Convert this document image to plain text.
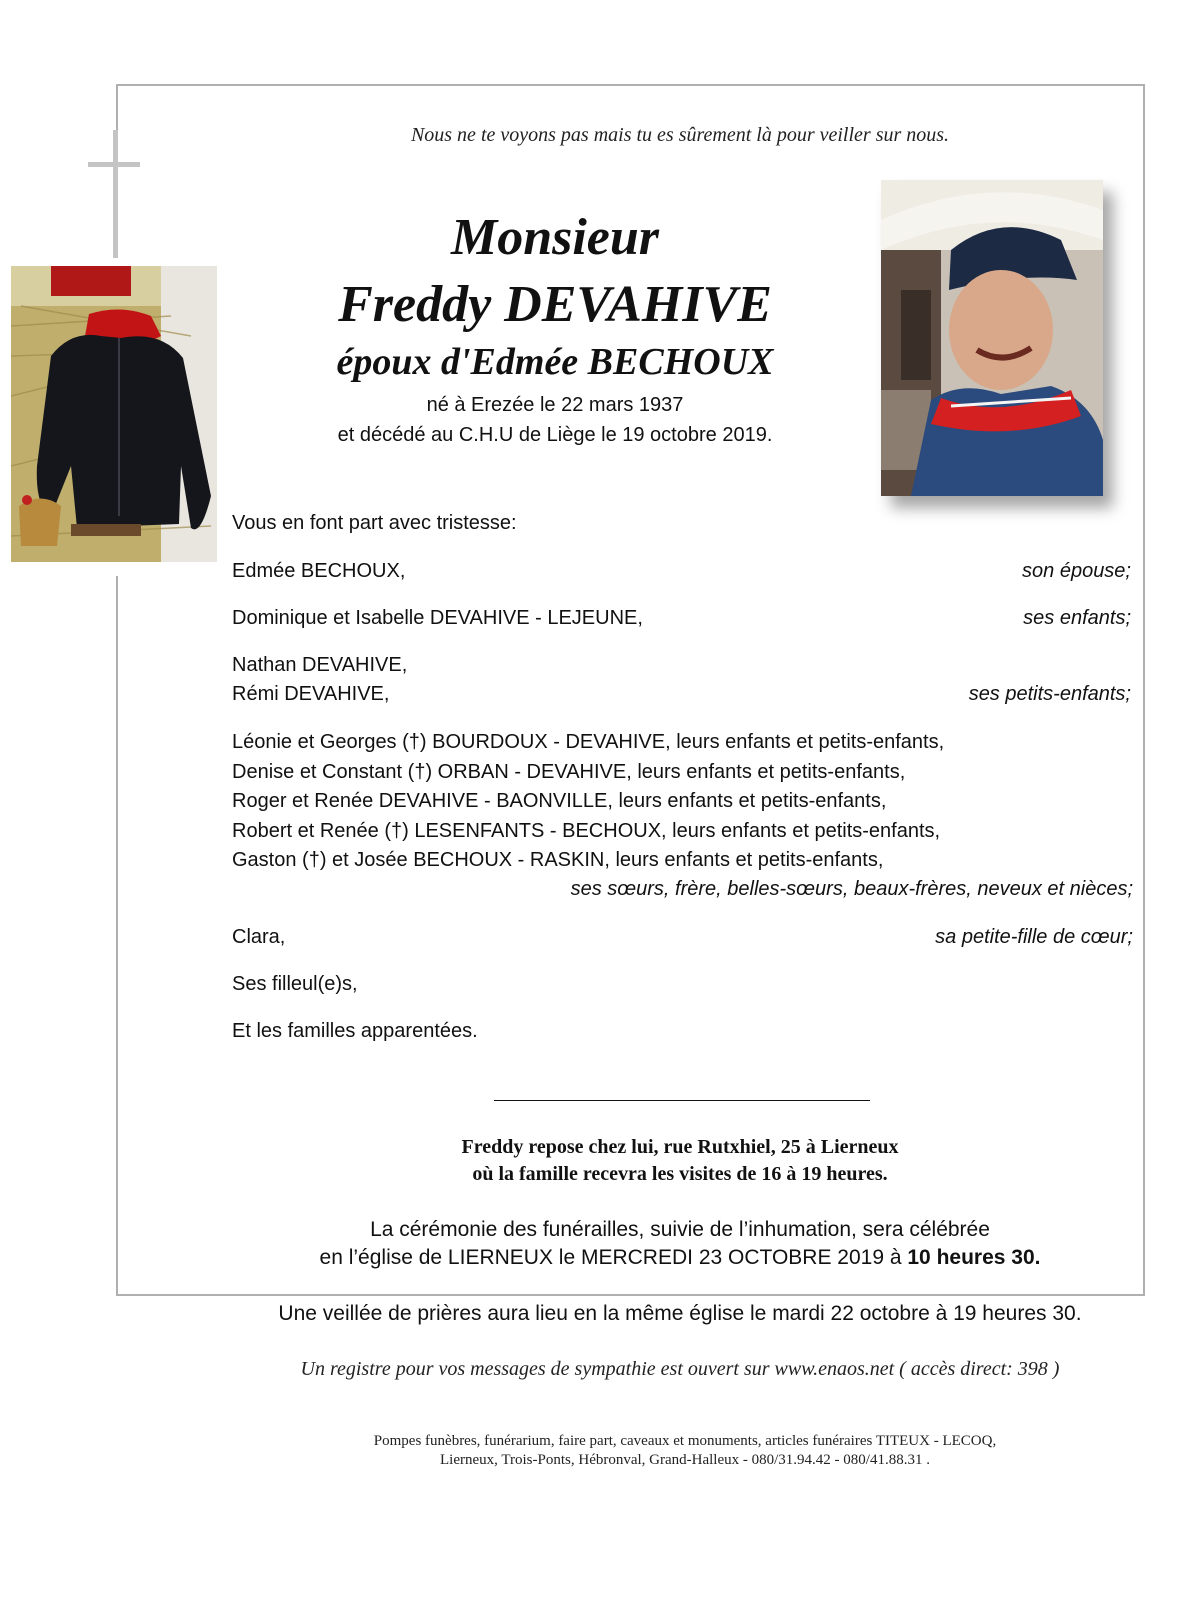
Nous ne te voyons pas mais tu es sûrement là pour veiller sur nous.
Monsieur
Freddy DEVAHIVE
époux d'Edmée BECHOUX
né à Erezée le 22 mars 1937
et décédé au C.H.U de Liège le 19 octobre 2019.
Vous en font part avec tristesse:
Edmée BECHOUX,	son épouse;
Dominique et Isabelle DEVAHIVE - LEJEUNE,	ses enfants;
Nathan DEVAHIVE,
Rémi DEVAHIVE,	ses petits-enfants;
Léonie et Georges (†) BOURDOUX - DEVAHIVE, leurs enfants et petits-enfants,
Denise et Constant (†) ORBAN - DEVAHIVE, leurs enfants et petits-enfants,
Roger et Renée DEVAHIVE - BAONVILLE, leurs enfants et petits-enfants,
Robert et Renée (†) LESENFANTS - BECHOUX, leurs enfants et petits-enfants,
Gaston (†) et Josée BECHOUX - RASKIN, leurs enfants et petits-enfants,
ses sœurs, frère, belles-sœurs, beaux-frères, neveux et nièces;
Clara,	sa petite-fille de cœur;
Ses filleul(e)s,
Et les familles apparentées.
Freddy repose chez lui, rue Rutxhiel, 25 à Lierneux
où la famille recevra les visites de 16 à 19 heures.
La cérémonie des funérailles, suivie de l’inhumation, sera célébrée
en l’église de LIERNEUX le MERCREDI 23 OCTOBRE 2019 à 10 heures 30.
Une veillée de prières aura lieu en la même église le mardi 22 octobre à 19 heures 30.
Un registre pour vos messages de sympathie est ouvert sur www.enaos.net ( accès direct: 398 )
Pompes funèbres, funérarium, faire part, caveaux et monuments, articles funéraires TITEUX - LECOQ,
Lierneux, Trois-Ponts, Hébronval, Grand-Halleux - 080/31.94.42 - 080/41.88.31 .
